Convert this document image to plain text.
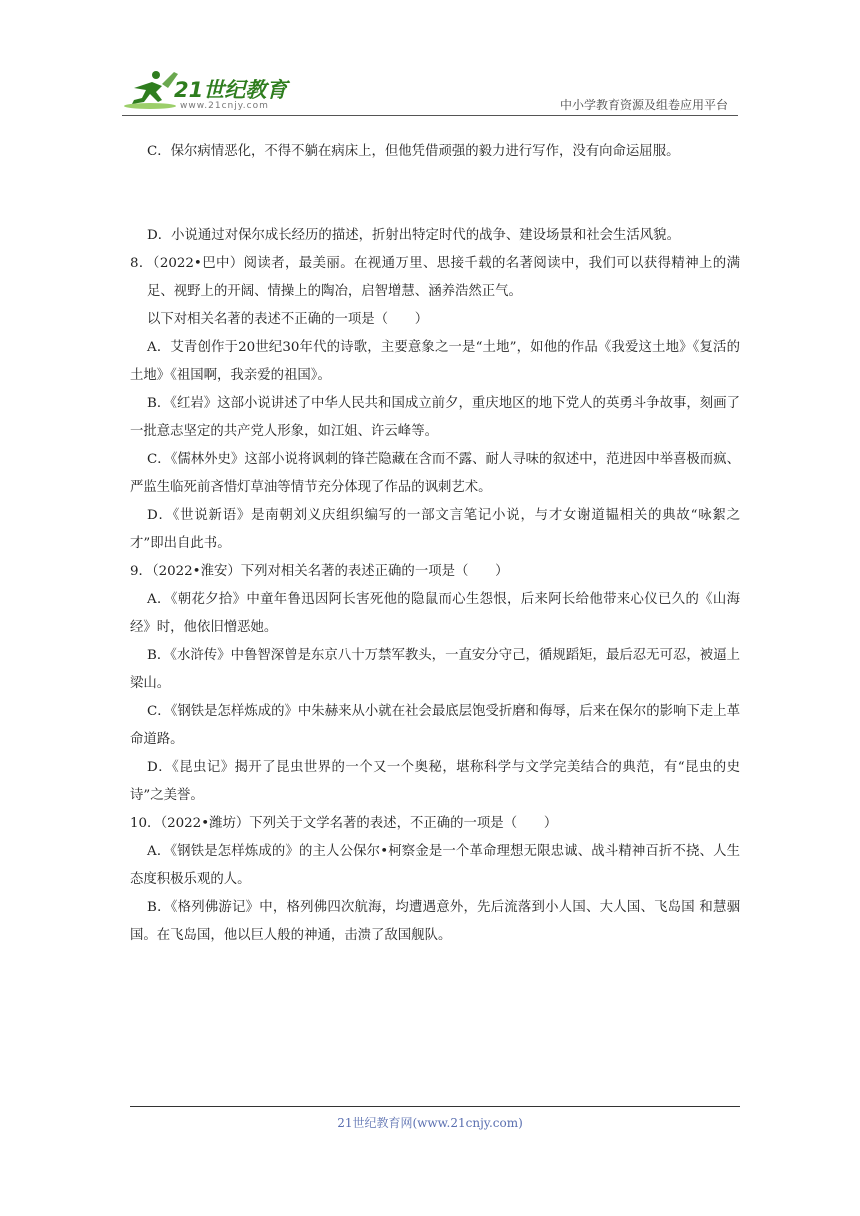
21世纪教育
www.21cnjy.com	中小学教育资源及组卷应用平台

C．保尔病情恶化，不得不躺在病床上，但他凭借顽强的毅力进行写作，没有向命运屈服。

D．小说通过对保尔成长经历的描述，折射出特定时代的战争、建设场景和社会生活风貌。

8．（2022•巴中）阅读者，最美丽。在视通万里、思接千载的名著阅读中，我们可以获得精神上的满足、视野上的开阔、情操上的陶冶，启智增慧、涵养浩然正气。

以下对相关名著的表述不正确的一项是（　　）

A．艾青创作于20世纪30年代的诗歌，主要意象之一是“土地”，如他的作品《我爱这土地》《复活的土地》《祖国啊，我亲爱的祖国》。

B．《红岩》这部小说讲述了中华人民共和国成立前夕，重庆地区的地下党人的英勇斗争故事，刻画了一批意志坚定的共产党人形象，如江姐、许云峰等。

C．《儒林外史》这部小说将讽刺的锋芒隐藏在含而不露、耐人寻味的叙述中，范进因中举喜极而疯、严监生临死前吝惜灯草油等情节充分体现了作品的讽刺艺术。

D．《世说新语》是南朝刘义庆组织编写的一部文言笔记小说，与才女谢道韫相关的典故“咏絮之才”即出自此书。

9．（2022•淮安）下列对相关名著的表述正确的一项是（　　）

A．《朝花夕拾》中童年鲁迅因阿长害死他的隐鼠而心生怨恨，后来阿长给他带来心仪已久的《山海经》时，他依旧憎恶她。

B．《水浒传》中鲁智深曾是东京八十万禁军教头，一直安分守己，循规蹈矩，最后忍无可忍，被逼上梁山。

C．《钢铁是怎样炼成的》中朱赫来从小就在社会最底层饱受折磨和侮辱，后来在保尔的影响下走上革命道路。

D．《昆虫记》揭开了昆虫世界的一个又一个奥秘，堪称科学与文学完美结合的典范，有“昆虫的史诗”之美誉。

10．（2022•潍坊）下列关于文学名著的表述，不正确的一项是（　　）

A．《钢铁是怎样炼成的》的主人公保尔•柯察金是一个革命理想无限忠诚、战斗精神百折不挠、人生态度积极乐观的人。

B．《格列佛游记》中，格列佛四次航海，均遭遇意外，先后流落到小人国、大人国、飞岛国 和慧骃国。在飞岛国，他以巨人般的神通，击溃了敌国舰队。

21世纪教育网(www.21cnjy.com)
